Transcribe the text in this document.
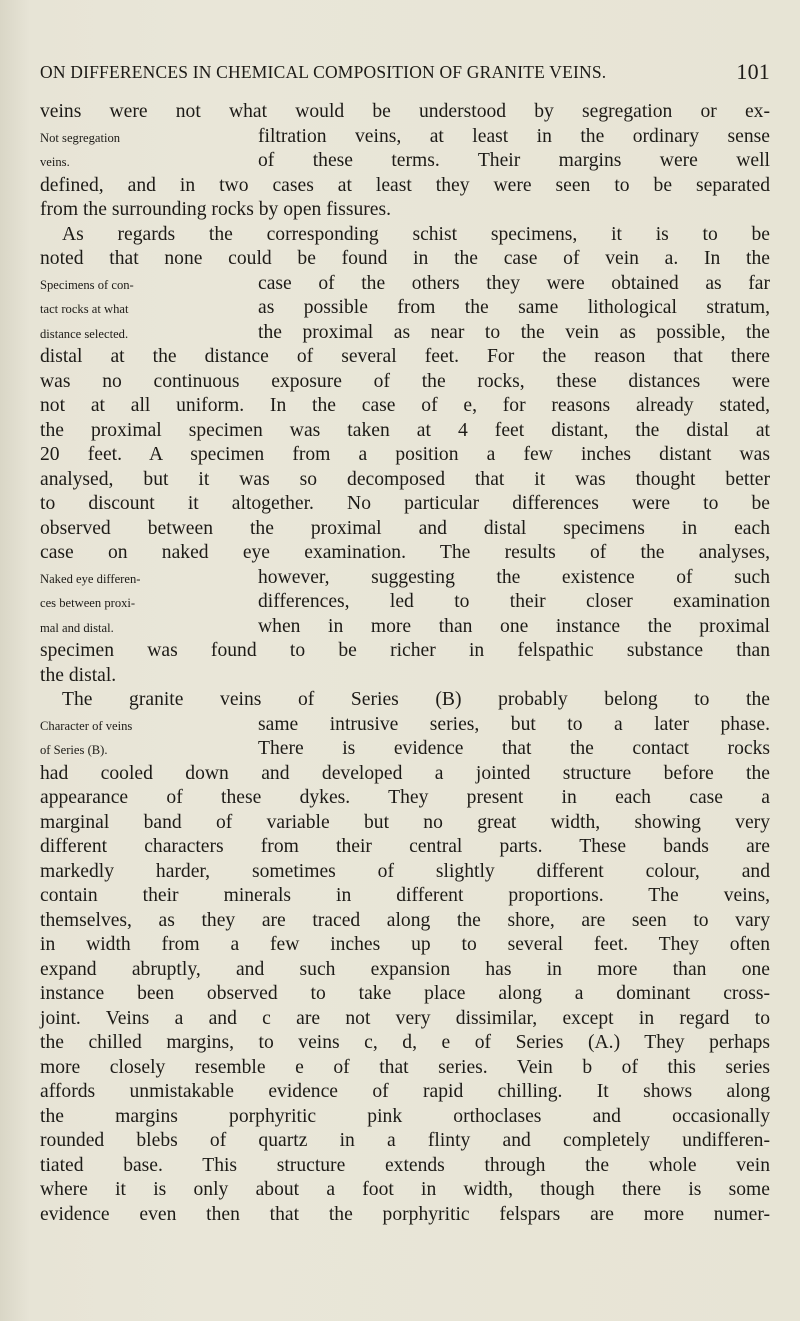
ON DIFFERENCES IN CHEMICAL COMPOSITION OF GRANITE VEINS.	101
veins were not what would be understood by segregation or ex-
filtration veins, at least in the ordinary sense
of these terms. Their margins were well
defined, and in two cases at least they were seen to be separated
from the surrounding rocks by open fissures.
As regards the corresponding schist specimens, it is to be
noted that none could be found in the case of vein a. In the
case of the others they were obtained as far
as possible from the same lithological stratum,
the proximal as near to the vein as possible, the
distal at the distance of several feet. For the reason that there
was no continuous exposure of the rocks, these distances were
not at all uniform. In the case of e, for reasons already stated,
the proximal specimen was taken at 4 feet distant, the distal at
20 feet. A specimen from a position a few inches distant was
analysed, but it was so decomposed that it was thought better
to discount it altogether. No particular differences were to be
observed between the proximal and distal specimens in each
case on naked eye examination. The results of the analyses,
however, suggesting the existence of such
differences, led to their closer examination
when in more than one instance the proximal
specimen was found to be richer in felspathic substance than
the distal.
The granite veins of Series (B) probably belong to the
same intrusive series, but to a later phase.
There is evidence that the contact rocks
had cooled down and developed a jointed structure before the
appearance of these dykes. They present in each case a
marginal band of variable but no great width, showing very
different characters from their central parts. These bands are
markedly harder, sometimes of slightly different colour, and
contain their minerals in different proportions. The veins,
themselves, as they are traced along the shore, are seen to vary
in width from a few inches up to several feet. They often
expand abruptly, and such expansion has in more than one
instance been observed to take place along a dominant cross-
joint. Veins a and c are not very dissimilar, except in regard to
the chilled margins, to veins c, d, e of Series (A.) They perhaps
more closely resemble e of that series. Vein b of this series
affords unmistakable evidence of rapid chilling. It shows along
the margins porphyritic pink orthoclases and occasionally
rounded blebs of quartz in a flinty and completely undifferen-
tiated base. This structure extends through the whole vein
where it is only about a foot in width, though there is some
evidence even then that the porphyritic felspars are more numer-
Not segregation
veins.
Specimens of con-
tact rocks at what
distance selected.
Naked eye differen-
ces between proxi-
mal and distal.
Character of veins
of Series (B).
